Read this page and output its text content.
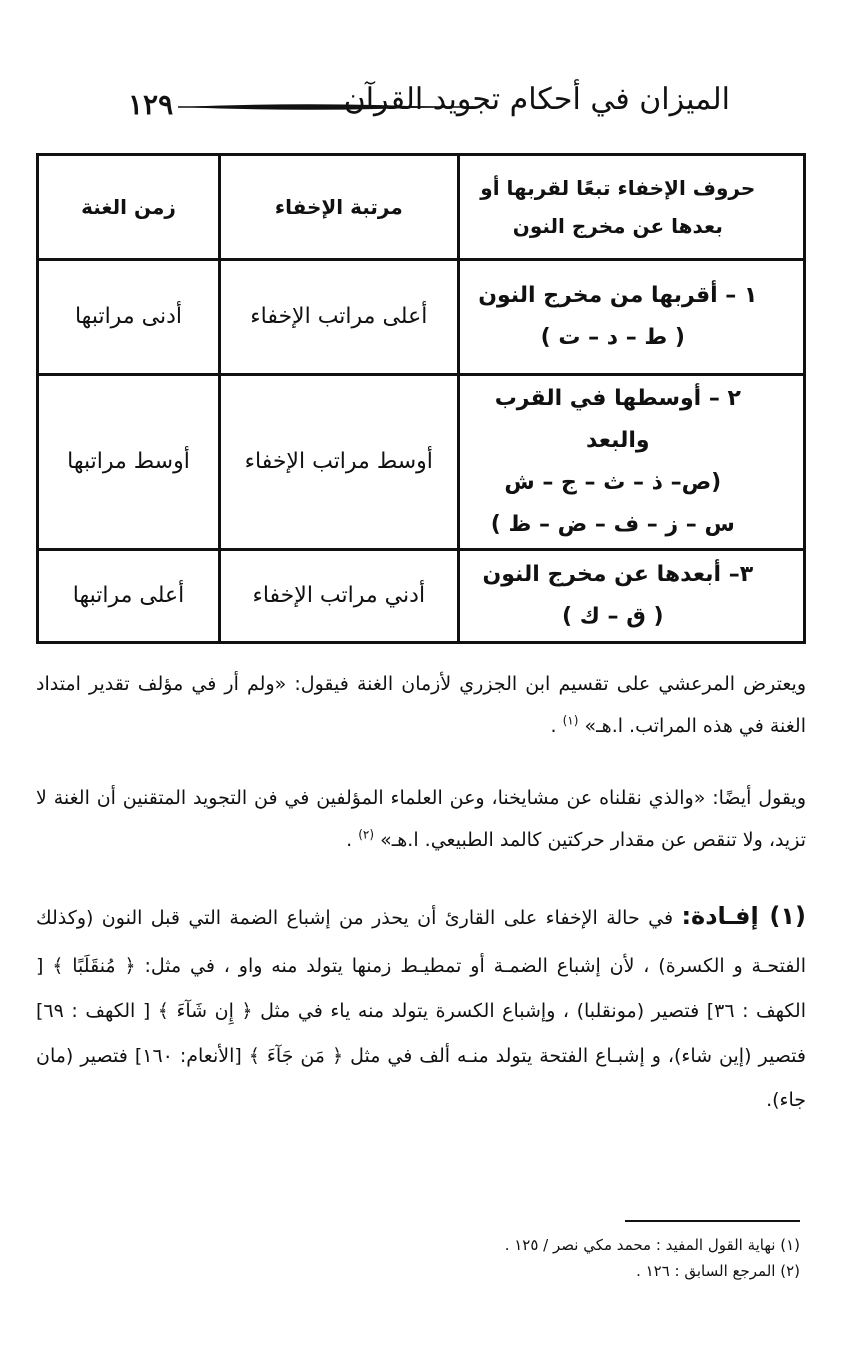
١٢٩	الميزان في أحكام تجويد القرآن
حروف الإخفاء تبعًا لقربها أو بعدها عن مخرج النون	مرتبة الإخفاء	زمن الغنة

١ – أقربها من مخرج النون
( ط – د – ت )	أعلى مراتب الإخفاء	أدنى مراتبها

٢ – أوسطها في القرب والبعد
(ص– ذ – ث – ج – ش
س – ز – ف – ض – ظ )	أوسط مراتب الإخفاء	أوسط مراتبها

٣– أبعدها عن مخرج النون
( ق – ك )	أدني مراتب الإخفاء	أعلى مراتبها
ويعترض المرعشي على تقسيم ابن الجزري لأزمان الغنة فيقول: «ولم أر في مؤلف تقدير امتداد الغنة في هذه المراتب. ا.هـ» $^{(١)}$ .
ويقول أيضًا: «والذي نقلناه عن مشايخنا، وعن العلماء المؤلفين في فن التجويد المتقنين أن الغنة لا تزيد، ولا تنقص عن مقدار حركتين كالمد الطبيعي. ا.هـ» $^{(٢)}$ .
(١) إفـادة: في حالة الإخفاء على القارئ أن يحذر من إشباع الضمة التي قبل النون (وكذلك الفتحـة و الكسرة) ، لأن إشباع الضمـة أو تمطيـط زمنها يتولد منه واو ، في مثل: ﴿ مُنقَلَبًا ﴾ [ الكهف : ٣٦] فتصير (مونقلبا) ، وإشباع الكسرة يتولد منه ياء في مثل ﴿ إِن شَآءَ ﴾ [ الكهف : ٦٩] فتصير (إين شاء)، و إشبـاع الفتحة يتولد منـه ألف في مثل ﴿ مَن جَآءَ ﴾ [الأنعام: ١٦٠] فتصير (مان جاء).
(١) نهاية القول المفيد : محمد مكي نصر / ١٢٥ .
(٢) المرجع السابق : ١٢٦ .
